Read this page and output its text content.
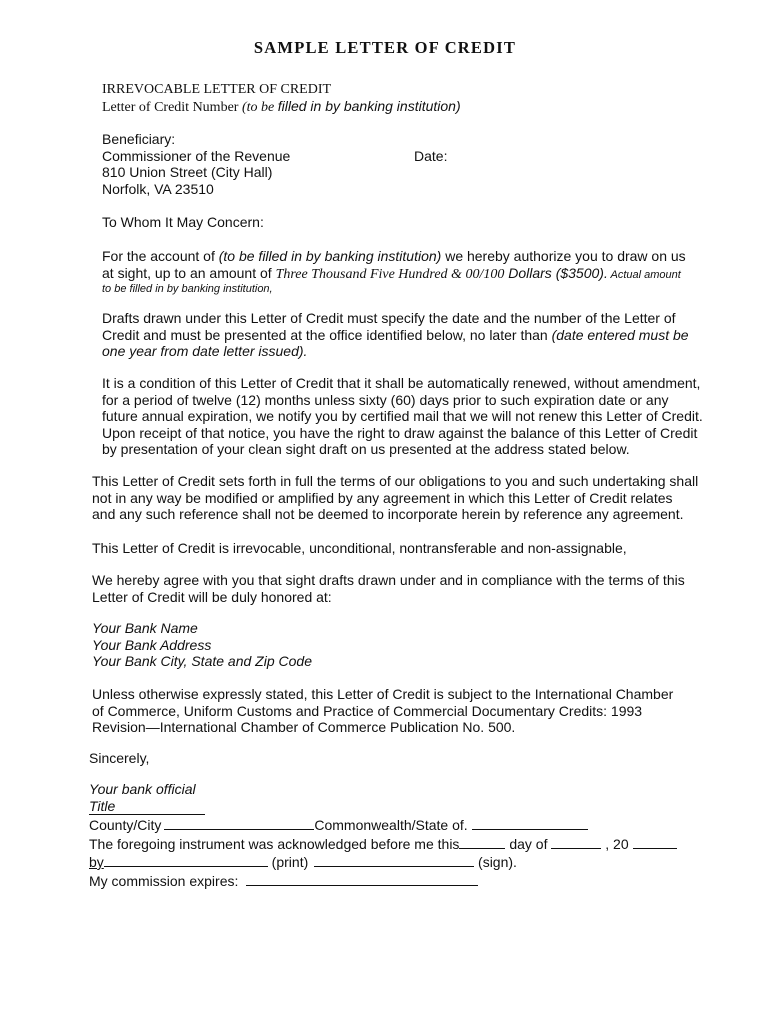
SAMPLE LETTER OF CREDIT
IRREVOCABLE LETTER OF CREDIT
Letter of Credit Number (to be filled in by banking institution)
Beneficiary:
Commissioner of the Revenue
810 Union Street (City Hall)
Norfolk, VA 23510
Date:
To Whom It May Concern:
For the account of (to be filled in by banking institution) we hereby authorize you to draw on us
at sight, up to an amount of Three Thousand Five Hundred & 00/100 Dollars ($3500). Actual amount
to be filled in by banking institution,
Drafts drawn under this Letter of Credit must specify the date and the number of the Letter of
Credit and must be presented at the office identified below, no later than (date entered must be
one year from date letter issued).
It is a condition of this Letter of Credit that it shall be automatically renewed, without amendment,
for a period of twelve (12) months unless sixty (60) days prior to such expiration date or any
future annual expiration, we notify you by certified mail that we will not renew this Letter of Credit.
Upon receipt of that notice, you have the right to draw against the balance of this Letter of Credit
by presentation of your clean sight draft on us presented at the address stated below.
This Letter of Credit sets forth in full the terms of our obligations to you and such undertaking shall
not in any way be modified or amplified by any agreement in which this Letter of Credit relates
and any such reference shall not be deemed to incorporate herein by reference any agreement.
This Letter of Credit is irrevocable, unconditional, nontransferable and non-assignable,
We hereby agree with you that sight drafts drawn under and in compliance with the terms of this
Letter of Credit will be duly honored at:
Your Bank Name
Your Bank Address
Your Bank City, State and Zip Code
Unless otherwise expressly stated, this Letter of Credit is subject to the International Chamber
of Commerce, Uniform Customs and Practice of Commercial Documentary Credits: 1993
Revision—International Chamber of Commerce Publication No. 500.
Sincerely,
Your bank official
Title
County/City	Commonwealth/State of.
The foregoing instrument was acknowledged before me this	day of	, 20
by	(print)	(sign).
My commission expires:
